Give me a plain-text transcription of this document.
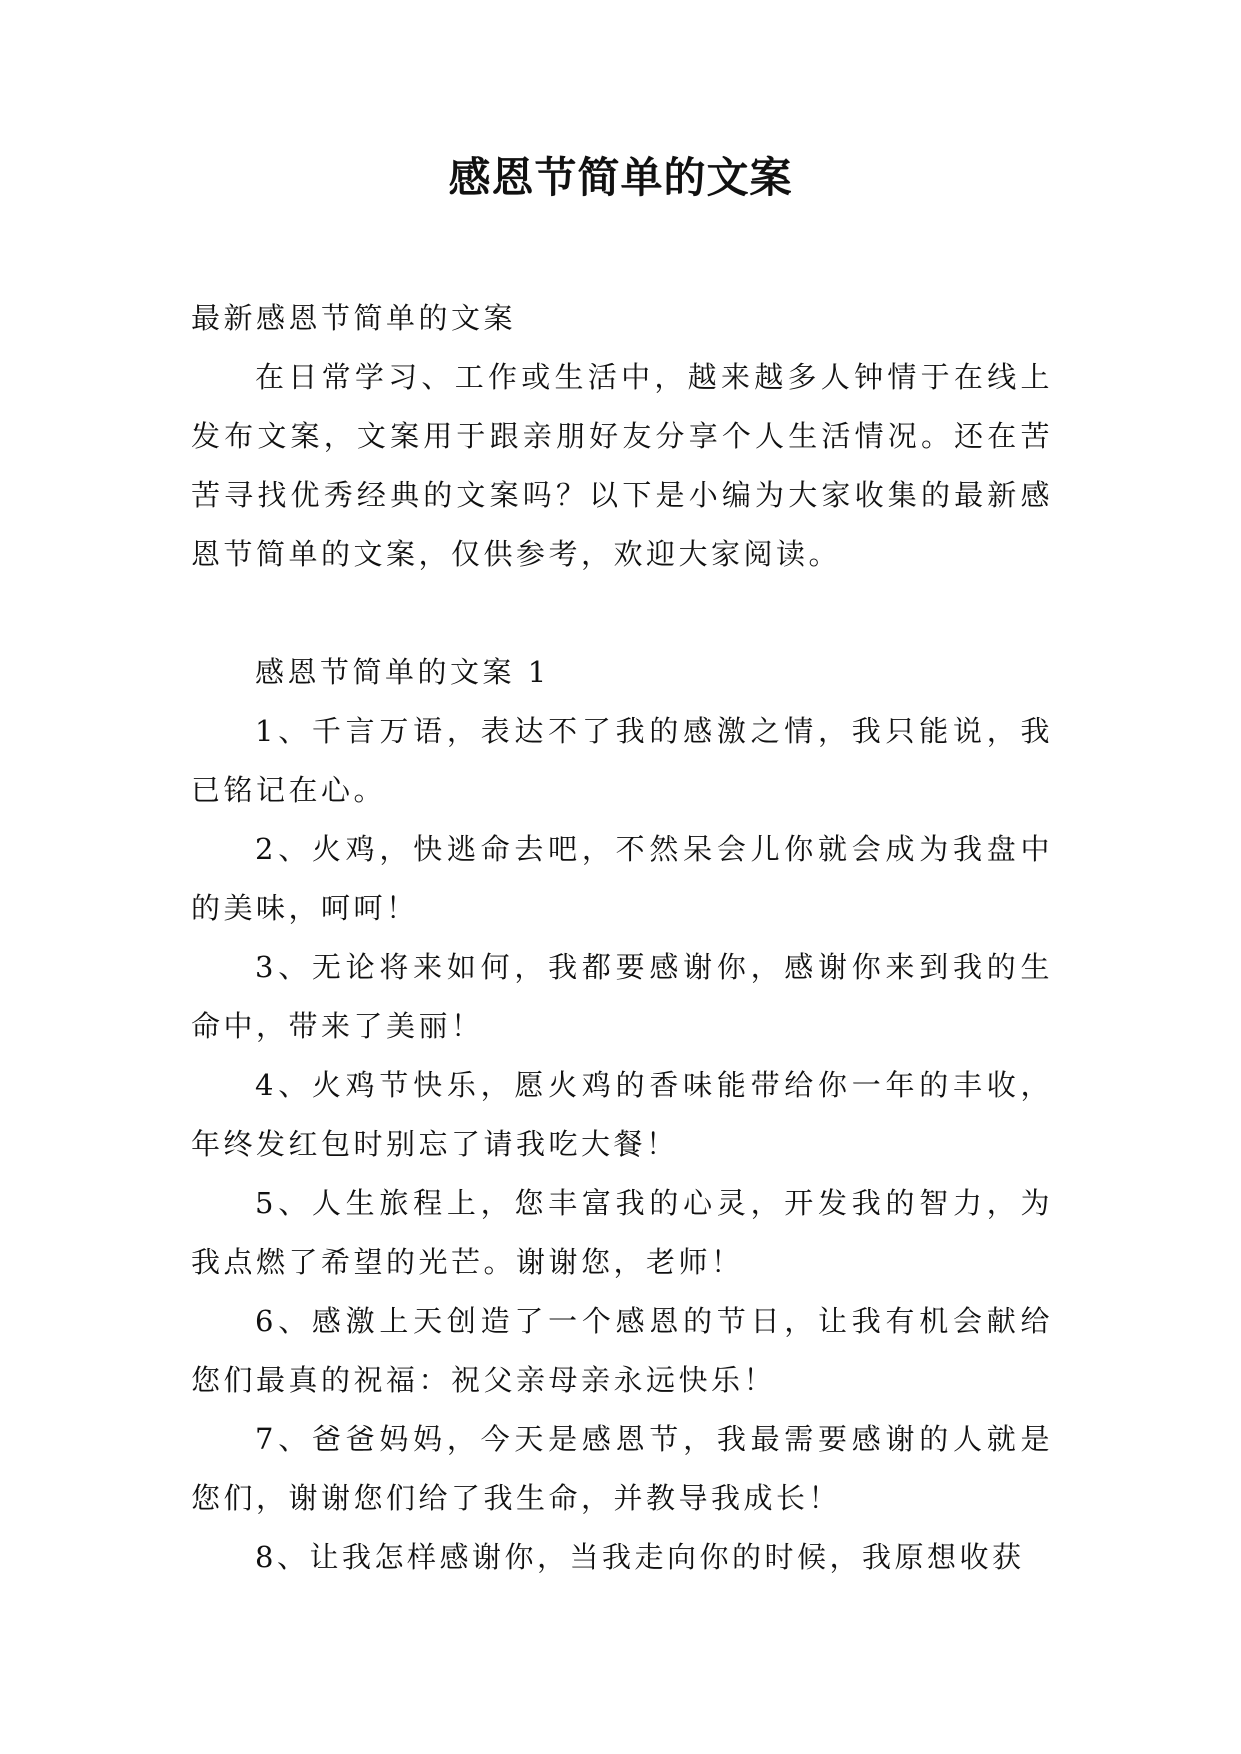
感恩节简单的文案

最新感恩节简单的文案

在日常学习、工作或生活中，越来越多人钟情于在线上发布文案，文案用于跟亲朋好友分享个人生活情况。还在苦苦寻找优秀经典的文案吗？以下是小编为大家收集的最新感恩节简单的文案，仅供参考，欢迎大家阅读。

感恩节简单的文案 1

1、千言万语，表达不了我的感激之情，我只能说，我已铭记在心。

2、火鸡，快逃命去吧，不然呆会儿你就会成为我盘中的美味，呵呵！

3、无论将来如何，我都要感谢你，感谢你来到我的生命中，带来了美丽！

4、火鸡节快乐，愿火鸡的香味能带给你一年的丰收，年终发红包时别忘了请我吃大餐！

5、人生旅程上，您丰富我的心灵，开发我的智力，为我点燃了希望的光芒。谢谢您，老师！

6、感激上天创造了一个感恩的节日，让我有机会献给您们最真的祝福：祝父亲母亲永远快乐！

7、爸爸妈妈，今天是感恩节，我最需要感谢的人就是您们，谢谢您们给了我生命，并教导我成长！

8、让我怎样感谢你，当我走向你的时候，我原想收获
